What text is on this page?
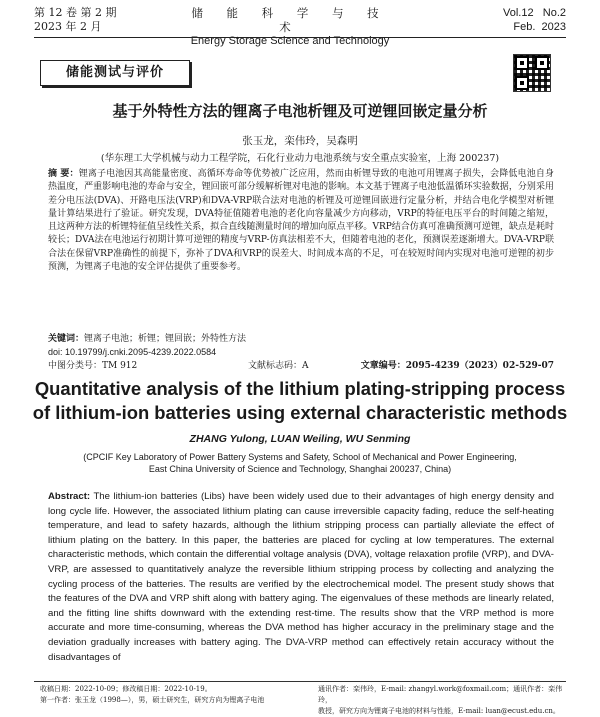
第 12 卷 第 2 期
2023 年 2 月
储 能 科 学 与 技 术
Energy Storage Science and Technology
Vol.12   No.2
Feb.  2023
储能测试与评价
基于外特性方法的锂离子电池析锂及可逆锂回嵌定量分析
张玉龙，栾伟玲，吴森明
(华东理工大学机械与动力工程学院，石化行业动力电池系统与安全重点实验室，上海 200237)
摘 要：锂离子电池因其高能量密度、高循环寿命等优势被广泛应用，然而由析锂导致的电池可用锂离子损失，会降低电池自身热温度，严重影响电池的寿命与安全，锂回嵌可部分缓解析锂对电池的影响。本文基于锂离子电池低温循环实验数据，分别采用差分电压法(DVA)、开路电压法(VRP)和DVA-VRP联合法对电池的析锂及可逆锂回嵌进行定量分析，并结合电化学模型对析锂量计算结果进行了验证。研究发现，DVA特征值随着电池的老化向容量减少方向移动，VRP的特征电压平台的时间随之缩短，且这两种方法的析锂特征值呈线性关系，拟合直线随测量时间的增加向原点平移。VRP结合仿真可准确预测可逆锂，缺点是耗时较长；DVA法在电池运行初期计算可逆锂的精度与VRP-仿真法相差不大，但随着电池的老化，预测误差逐渐增大。DVA-VRP联合法在保留VRP准确性的前提下，弥补了DVA和VRP的误差大、时间成本高的不足，可在较短时间内实现对电池可逆锂的初步预测，为锂离子电池的安全评估提供了重要参考。
关键词：锂离子电池；析锂；锂回嵌；外特性方法
doi: 10.19799/j.cnki.2095-4239.2022.0584
中图分类号：TM 912	文献标志码：A	文章编号：2095-4239（2023）02-529-07
Quantitative analysis of the lithium plating-stripping process
of lithium-ion batteries using external characteristic methods
ZHANG Yulong, LUAN Weiling, WU Senming
(CPCIF Key Laboratory of Power Battery Systems and Safety, School of Mechanical and Power Engineering,
East China University of Science and Technology, Shanghai 200237, China)
Abstract: The lithium-ion batteries (Libs) have been widely used due to their advantages of high energy density and long cycle life. However, the associated lithium plating can cause irreversible capacity fading, reduce the self-heating temperature, and lead to safety hazards, although the lithium stripping process can partially alleviate the effect of lithium plating on the battery. In this paper, the batteries are placed for cycling at low temperatures. The external characteristic methods, which contain the differential voltage analysis (DVA), voltage relaxation profile (VRP), and DVA-VRP, are assessed to quantitatively analyze the reversible lithium stripping process by collecting and analyzing the cycling process of the batteries. The results are verified by the electrochemical model. The present study shows that the features of the DVA and VRP shift along with battery aging. The eigenvalues of these methods are linearly related, and the fitting line shifts downward with the extending rest-time. The results show that the VRP method is more accurate and more time-consuming, whereas the DVA method has higher accuracy in the preliminary stage and the deviation gradually increases with battery aging. The DVA-VRP method can effectively retain accuracy without the disadvantages of
收稿日期：2022-10-09；修改稿日期：2022-10-19。
第一作者：张玉龙（1998—），男，硕士研究生，研究方向为锂离子电池
通讯作者：栾伟玲，E-mail: zhangyl.work@foxmail.com；通讯作者：栾伟玲，
教授，研究方向为锂离子电池的材料与性能，E-mail: luan@ecust.edu.cn。
